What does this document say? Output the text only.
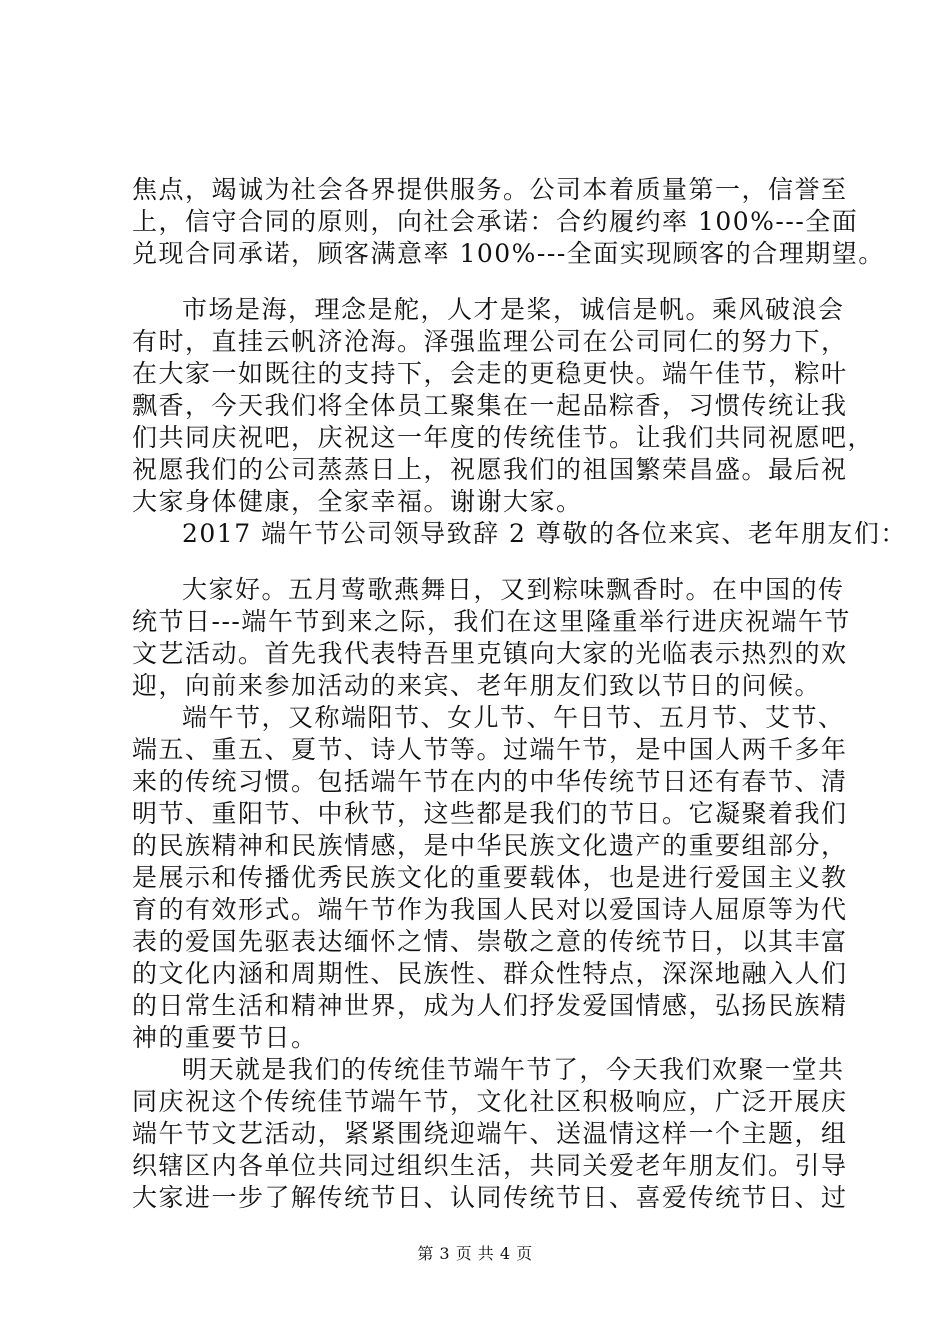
焦点，竭诚为社会各界提供服务。公司本着质量第一，信誉至
上，信守合同的原则，向社会承诺：合约履约率 100%---全面
兑现合同承诺，顾客满意率 100%---全面实现顾客的合理期望。
市场是海，理念是舵，人才是桨，诚信是帆。乘风破浪会
有时，直挂云帆济沧海。泽强监理公司在公司同仁的努力下，
在大家一如既往的支持下，会走的更稳更快。端午佳节，粽叶
飘香，今天我们将全体员工聚集在一起品粽香，习惯传统让我
们共同庆祝吧，庆祝这一年度的传统佳节。让我们共同祝愿吧，
祝愿我们的公司蒸蒸日上，祝愿我们的祖国繁荣昌盛。最后祝
大家身体健康，全家幸福。谢谢大家。
2017 端午节公司领导致辞 2 尊敬的各位来宾、老年朋友们：
大家好。五月莺歌燕舞日，又到粽味飘香时。在中国的传
统节日---端午节到来之际，我们在这里隆重举行进庆祝端午节
文艺活动。首先我代表特吾里克镇向大家的光临表示热烈的欢
迎，向前来参加活动的来宾、老年朋友们致以节日的问候。
端午节，又称端阳节、女儿节、午日节、五月节、艾节、
端五、重五、夏节、诗人节等。过端午节，是中国人两千多年
来的传统习惯。包括端午节在内的中华传统节日还有春节、清
明节、重阳节、中秋节，这些都是我们的节日。它凝聚着我们
的民族精神和民族情感，是中华民族文化遗产的重要组部分，
是展示和传播优秀民族文化的重要载体，也是进行爱国主义教
育的有效形式。端午节作为我国人民对以爱国诗人屈原等为代
表的爱国先驱表达缅怀之情、崇敬之意的传统节日，以其丰富
的文化内涵和周期性、民族性、群众性特点，深深地融入人们
的日常生活和精神世界，成为人们抒发爱国情感，弘扬民族精
神的重要节日。
明天就是我们的传统佳节端午节了，今天我们欢聚一堂共
同庆祝这个传统佳节端午节，文化社区积极响应，广泛开展庆
端午节文艺活动，紧紧围绕迎端午、送温情这样一个主题，组
织辖区内各单位共同过组织生活，共同关爱老年朋友们。引导
大家进一步了解传统节日、认同传统节日、喜爱传统节日、过
第 3 页 共 4 页
